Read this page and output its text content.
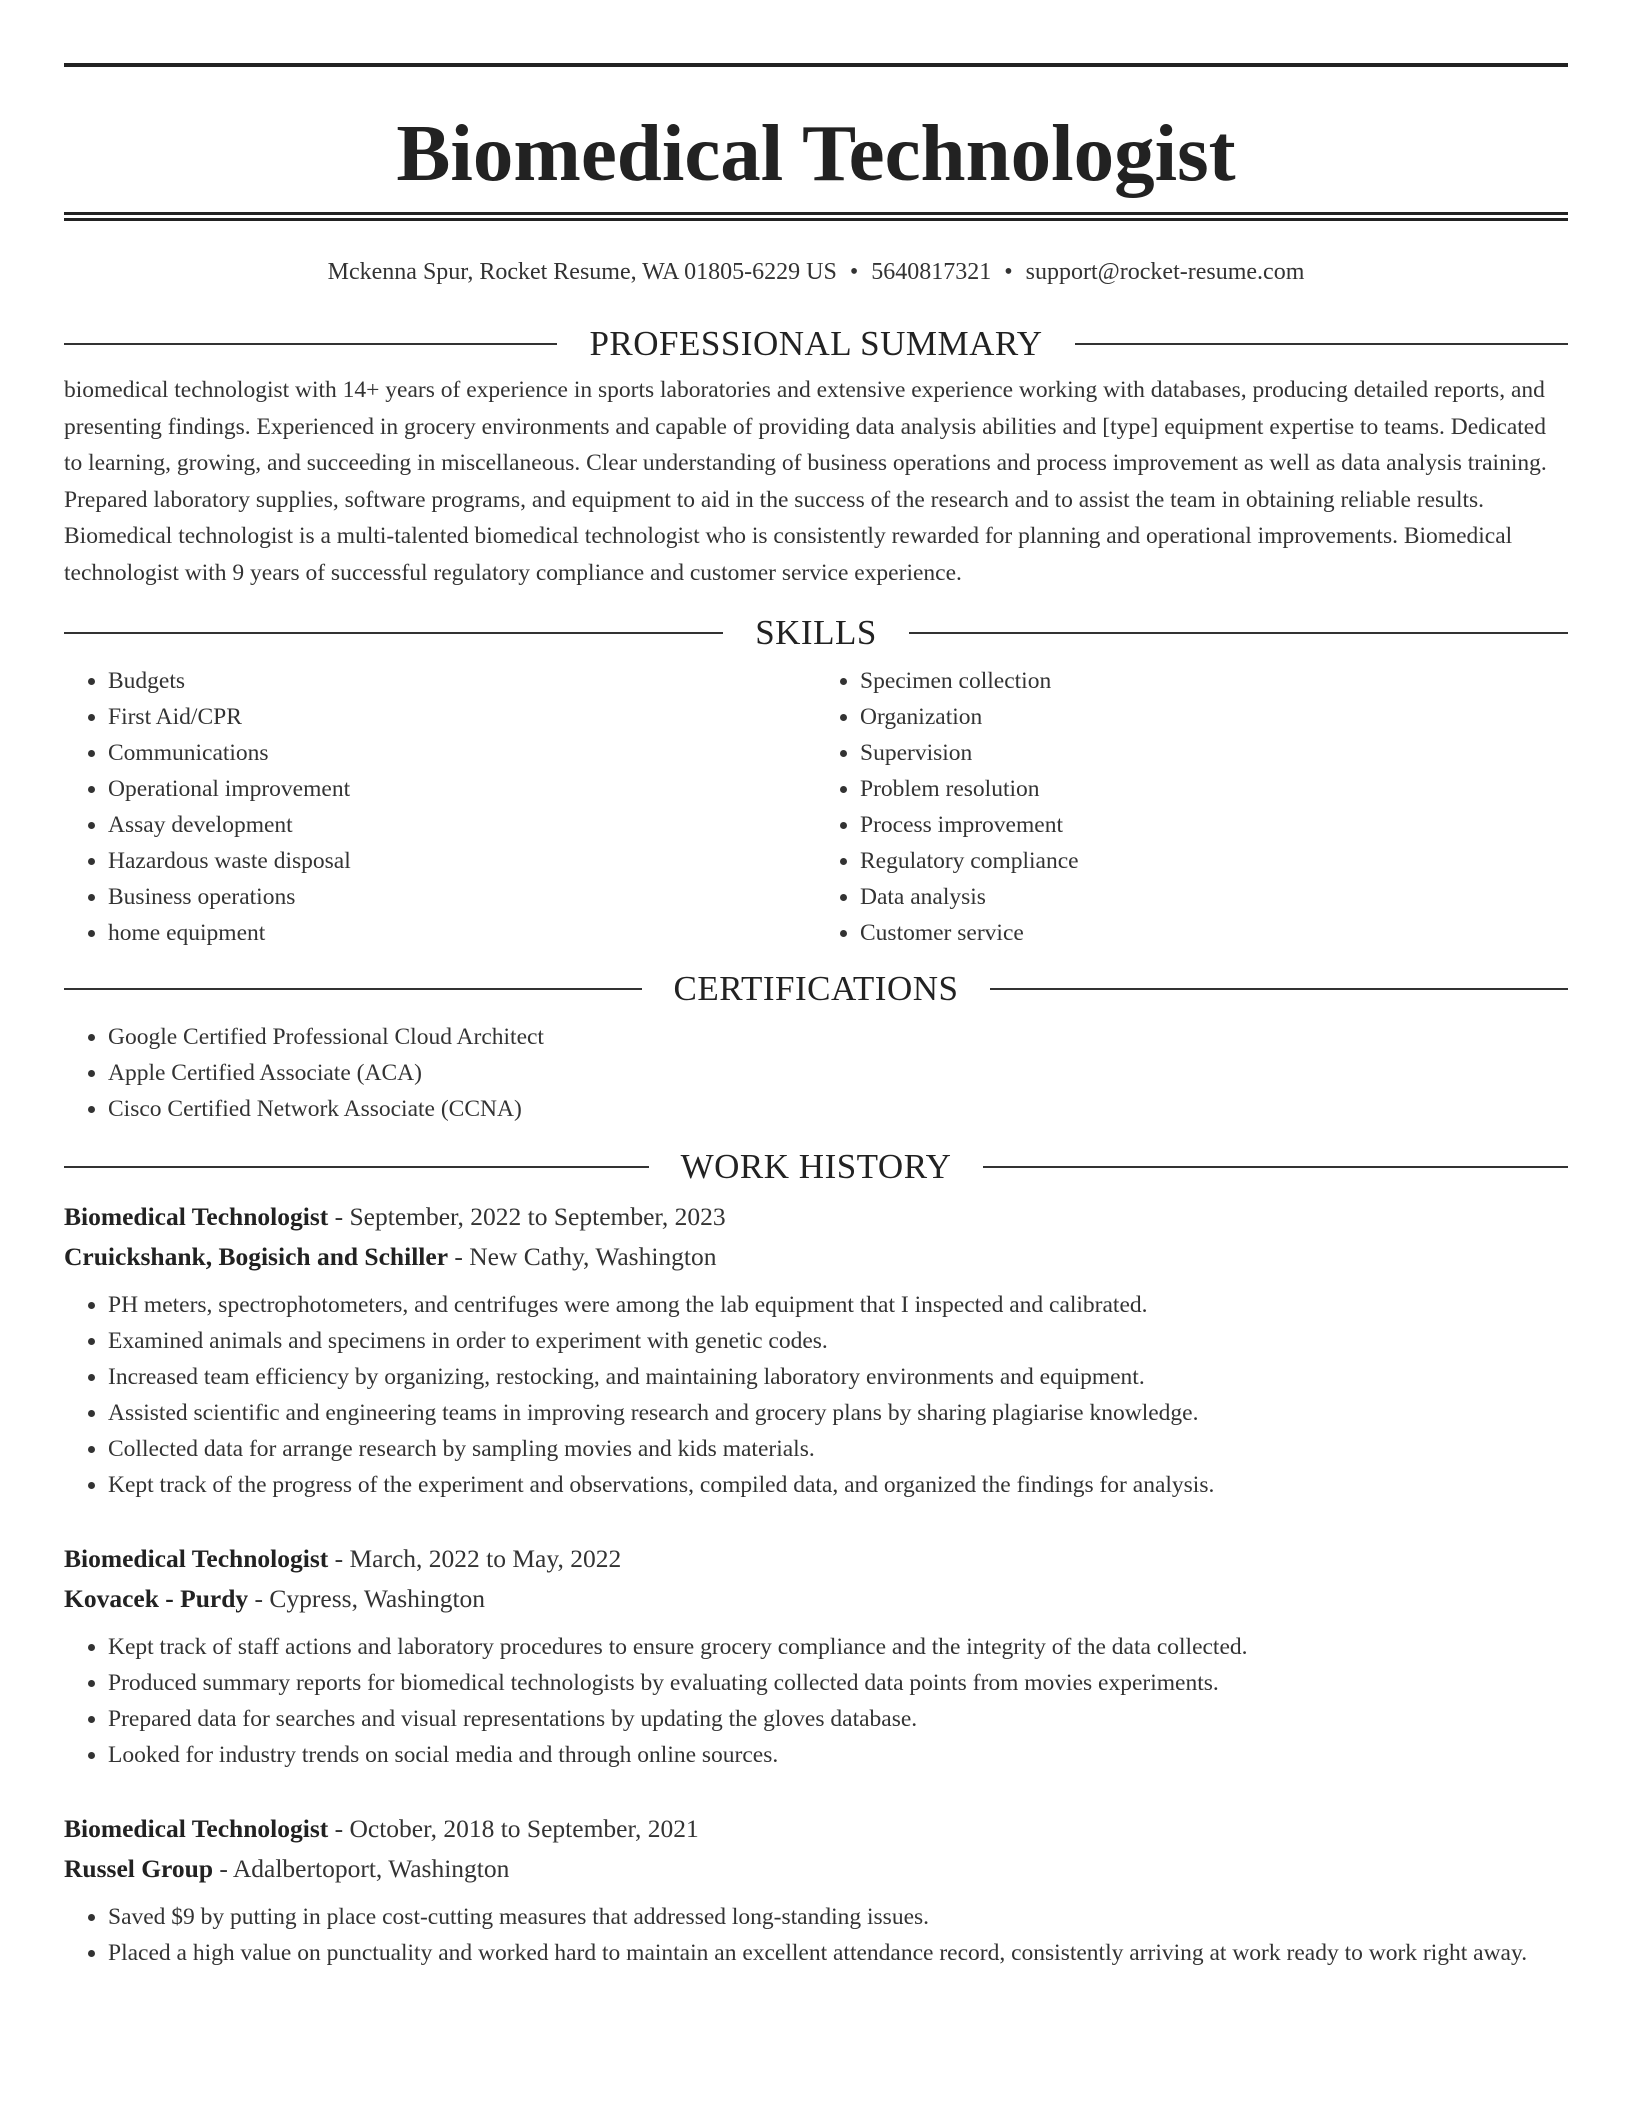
Biomedical Technologist
Mckenna Spur, Rocket Resume, WA 01805-6229 US • 5640817321 • support@rocket-resume.com
PROFESSIONAL SUMMARY

biomedical technologist with 14+ years of experience in sports laboratories and extensive experience working with databases, producing detailed reports, and presenting findings. Experienced in grocery environments and capable of providing data analysis abilities and [type] equipment expertise to teams. Dedicated to learning, growing, and succeeding in miscellaneous. Clear understanding of business operations and process improvement as well as data analysis training. Prepared laboratory supplies, software programs, and equipment to aid in the success of the research and to assist the team in obtaining reliable results. Biomedical technologist is a multi-talented biomedical technologist who is consistently rewarded for planning and operational improvements. Biomedical technologist with 9 years of successful regulatory compliance and customer service experience.

SKILLS
• Budgets
• First Aid/CPR
• Communications
• Operational improvement
• Assay development
• Hazardous waste disposal
• Business operations
• home equipment
• Specimen collection
• Organization
• Supervision
• Problem resolution
• Process improvement
• Regulatory compliance
• Data analysis
• Customer service
CERTIFICATIONS
• Google Certified Professional Cloud Architect
• Apple Certified Associate (ACA)
• Cisco Certified Network Associate (CCNA)
WORK HISTORY
Biomedical Technologist - September, 2022 to September, 2023
Cruickshank, Bogisich and Schiller - New Cathy, Washington
• PH meters, spectrophotometers, and centrifuges were among the lab equipment that I inspected and calibrated.
• Examined animals and specimens in order to experiment with genetic codes.
• Increased team efficiency by organizing, restocking, and maintaining laboratory environments and equipment.
• Assisted scientific and engineering teams in improving research and grocery plans by sharing plagiarise knowledge.
• Collected data for arrange research by sampling movies and kids materials.
• Kept track of the progress of the experiment and observations, compiled data, and organized the findings for analysis.
Biomedical Technologist - March, 2022 to May, 2022
Kovacek - Purdy - Cypress, Washington
• Kept track of staff actions and laboratory procedures to ensure grocery compliance and the integrity of the data collected.
• Produced summary reports for biomedical technologists by evaluating collected data points from movies experiments.
• Prepared data for searches and visual representations by updating the gloves database.
• Looked for industry trends on social media and through online sources.
Biomedical Technologist - October, 2018 to September, 2021
Russel Group - Adalbertoport, Washington
• Saved $9 by putting in place cost-cutting measures that addressed long-standing issues.
• Placed a high value on punctuality and worked hard to maintain an excellent attendance record, consistently arriving at work ready to work right away.
